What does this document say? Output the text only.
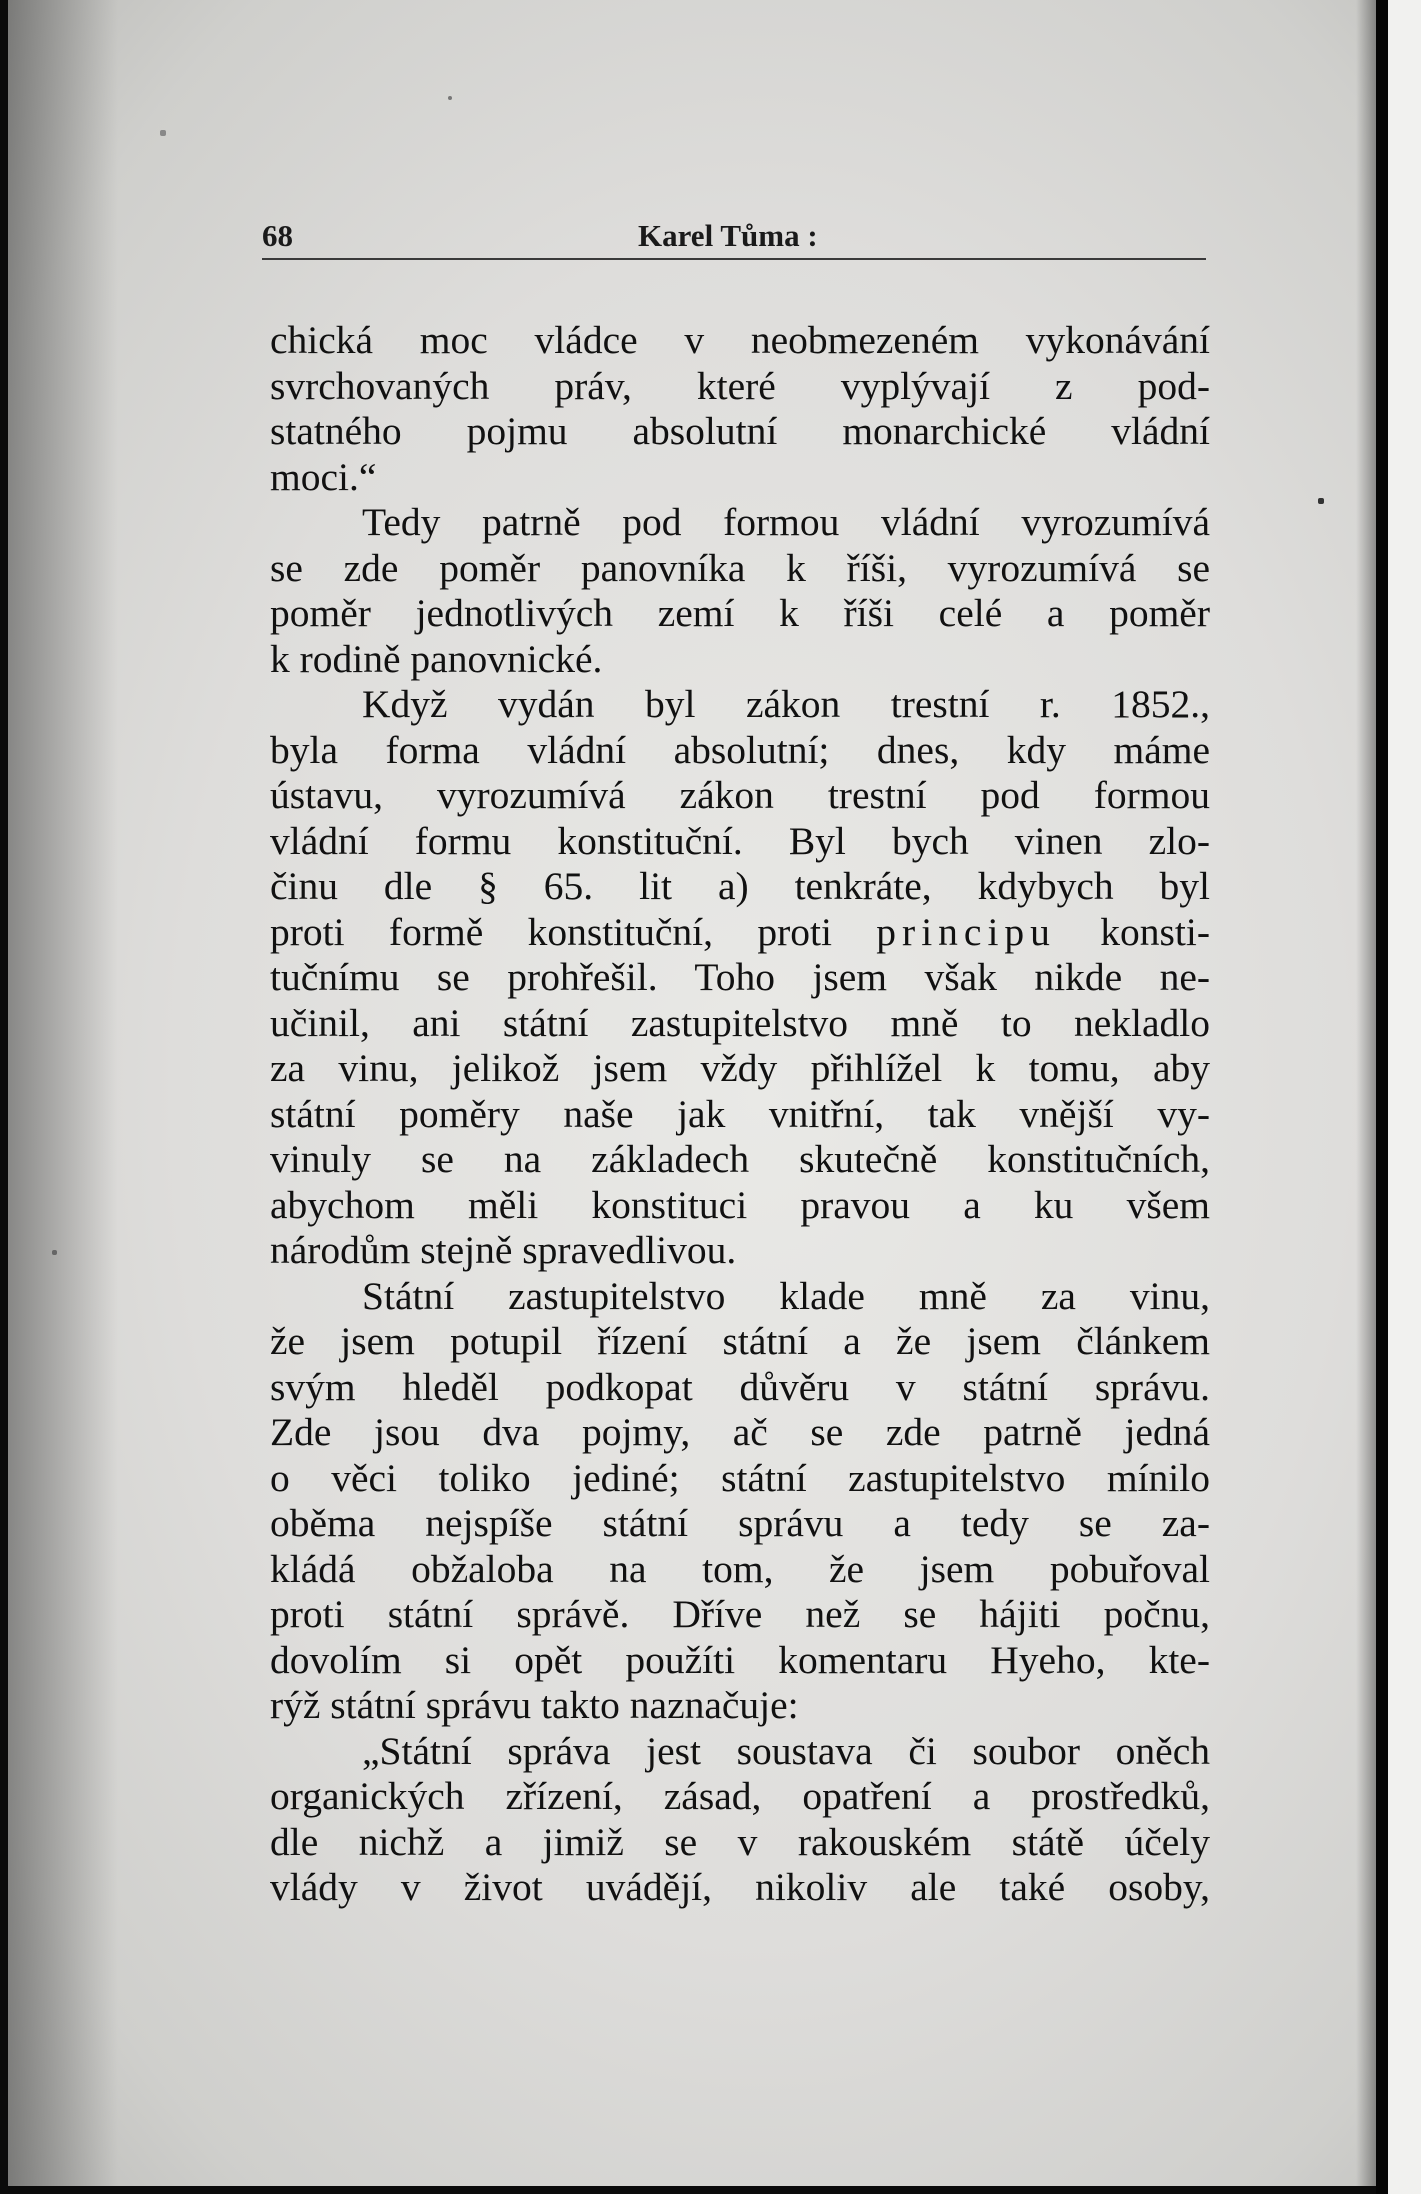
68	Karel Tůma :
chická moc vládce v neobmezeném vykonávání
svrchovaných práv, které vyplývají z pod-
statného pojmu absolutní monarchické vládní
moci.“
Tedy patrně pod formou vládní vyrozumívá
se zde poměr panovníka k říši, vyrozumívá se
poměr jednotlivých zemí k říši celé a poměr
k rodině panovnické.
Když vydán byl zákon trestní r. 1852.,
byla forma vládní absolutní; dnes, kdy máme
ústavu, vyrozumívá zákon trestní pod formou
vládní formu konstituční. Byl bych vinen zlo-
činu dle § 65. lit a) tenkráte, kdybych byl
proti formě konstituční, proti principu konsti-
tučnímu se prohřešil. Toho jsem však nikde ne-
učinil, ani státní zastupitelstvo mně to nekladlo
za vinu, jelikož jsem vždy přihlížel k tomu, aby
státní poměry naše jak vnitřní, tak vnější vy-
vinuly se na základech skutečně konstitučních,
abychom měli konstituci pravou a ku všem
národům stejně spravedlivou.
Státní zastupitelstvo klade mně za vinu,
že jsem potupil řízení státní a že jsem článkem
svým hleděl podkopat důvěru v státní správu.
Zde jsou dva pojmy, ač se zde patrně jedná
o věci toliko jediné; státní zastupitelstvo mínilo
oběma nejspíše státní správu a tedy se za-
kládá obžaloba na tom, že jsem pobuřoval
proti státní správě. Dříve než se hájiti počnu,
dovolím si opět použíti komentaru Hyeho, kte-
rýž státní správu takto naznačuje:
„Státní správa jest soustava či soubor oněch
organických zřízení, zásad, opatření a prostředků,
dle nichž a jimiž se v rakouském státě účely
vlády v život uvádějí, nikoliv ale také osoby,
